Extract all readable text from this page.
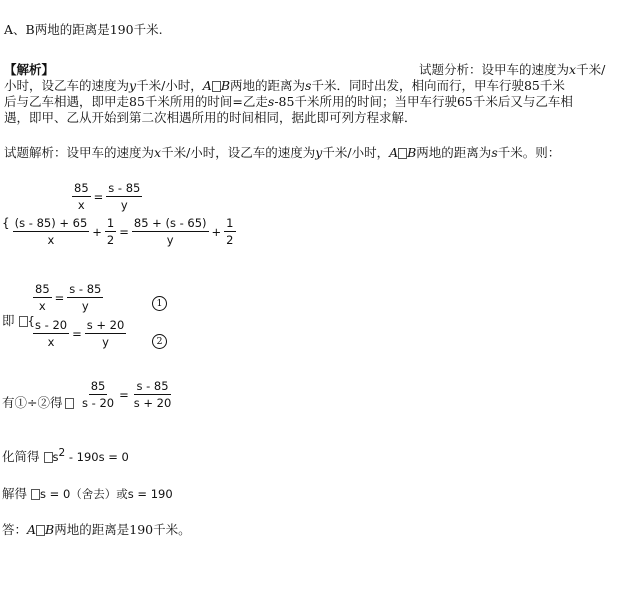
A、B两地的距离是190千米.
【解析】	试题分析：设甲车的速度为x千米/
小时，设乙车的速度为y千米/小时，A B两地的距离为s千米．同时出发，相向而行，甲车行驶85千米
后与乙车相遇，即甲走85千米所用的时间=乙走s-85千米所用的时间；当甲车行驶65千米后又与乙车相
遇，即甲、乙从开始到第二次相遇所用的时间相同，据此即可列方程求解．
试题解析：设甲车的速度为x千米/小时，设乙车的速度为y千米/小时，A B两地的距离为s千米。则：
$\frac{85}{x} = \frac{s - 85}{y}$
{ $\frac{(s - 85) + 65}{x} + \frac{1}{2} = \frac{85 + (s - 65)}{y} + \frac{1}{2}$
即 {
$\frac{85}{x} = \frac{s - 85}{y}$	1
$\frac{s - 20}{x} = \frac{s + 20}{y}$	2
有①÷②得	$\frac{85}{s - 20} = \frac{s - 85}{s + 20}$
化简得 $s^2 - 190s = 0$
解得 s = 0（舍去）或s = 190
答：A B两地的距离是190千米。
